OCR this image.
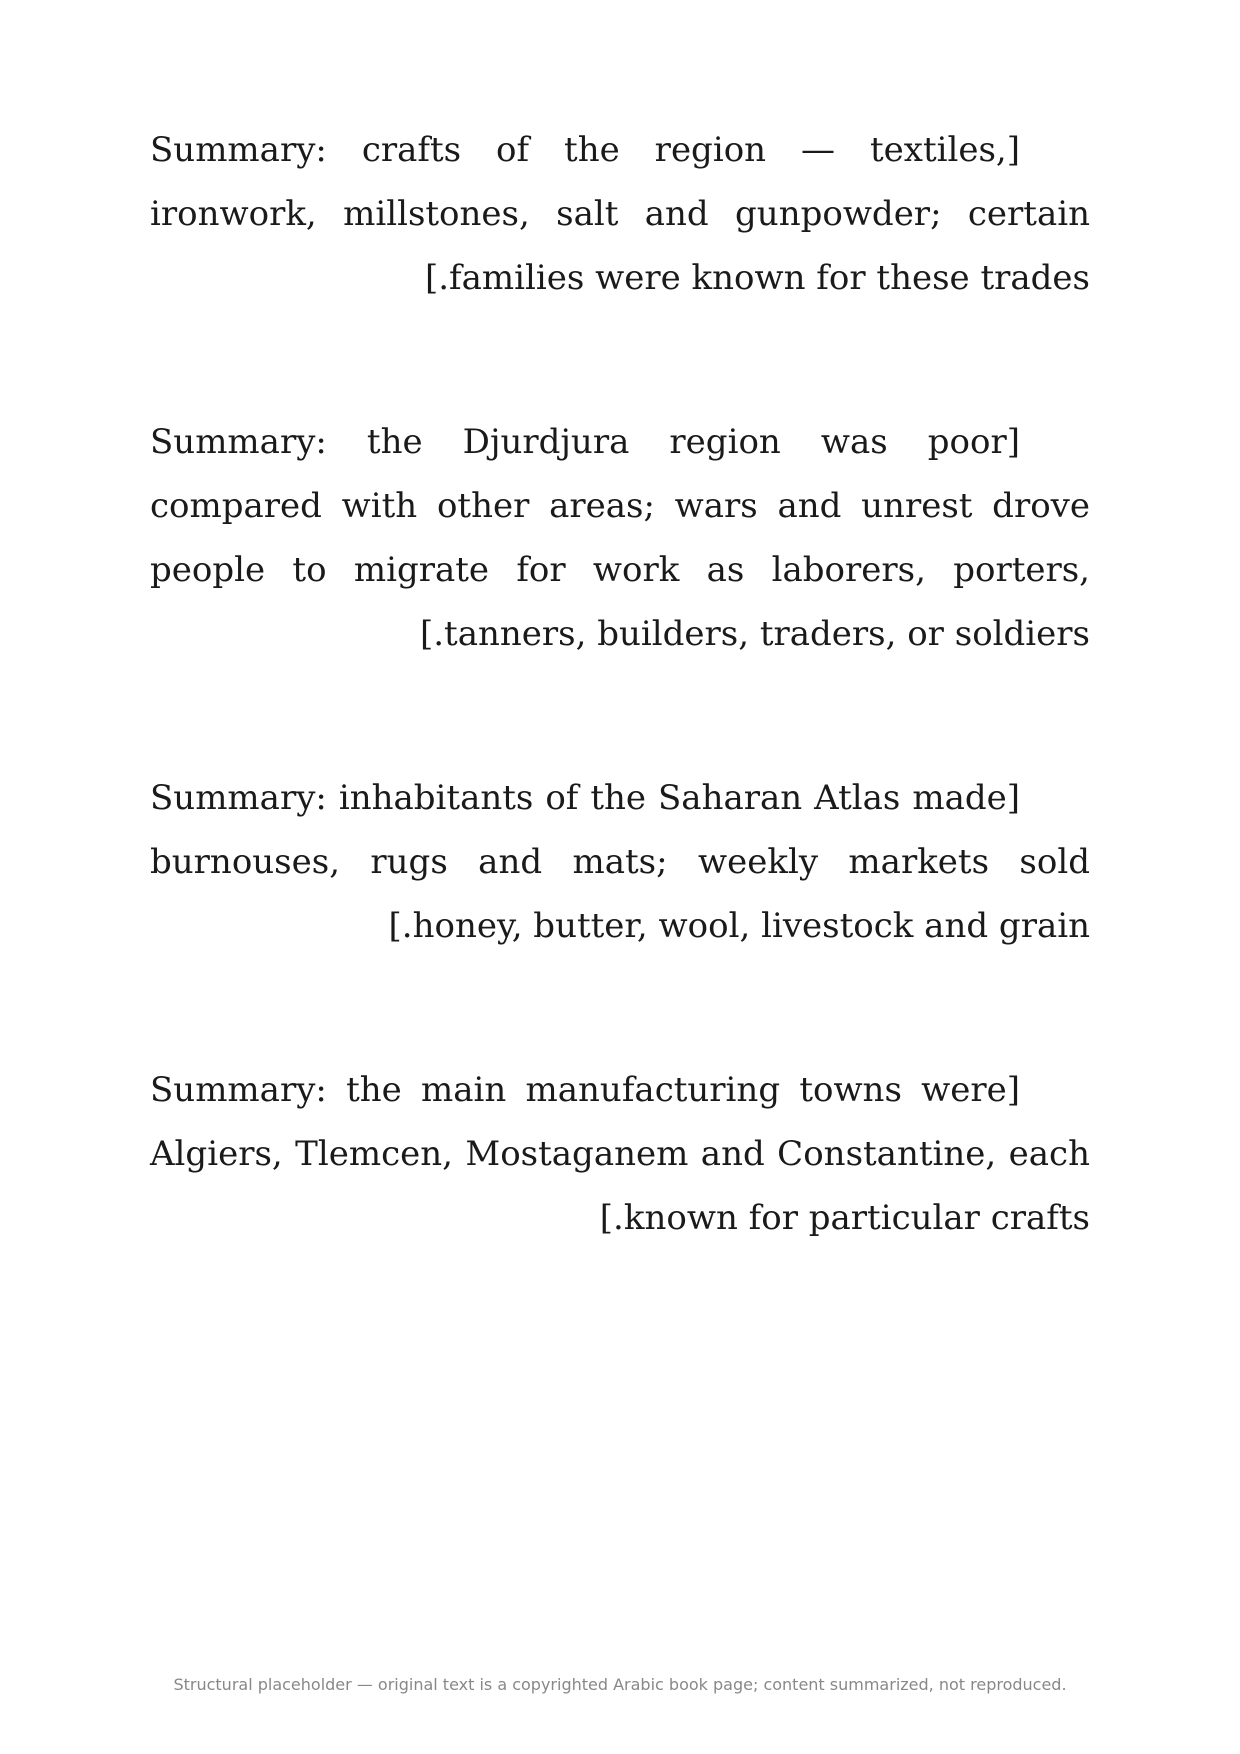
[Summary: crafts of the region — textiles, ironwork, millstones, salt and gunpowder; certain families were known for these trades.]

[Summary: the Djurdjura region was poor compared with other areas; wars and unrest drove people to migrate for work as laborers, porters, tanners, builders, traders, or soldiers.]

[Summary: inhabitants of the Saharan Atlas made burnouses, rugs and mats; weekly markets sold honey, butter, wool, livestock and grain.]

[Summary: the main manufacturing towns were Algiers, Tlemcen, Mostaganem and Constantine, each known for particular crafts.]

Structural placeholder — original text is a copyrighted Arabic book page; content summarized, not reproduced.
